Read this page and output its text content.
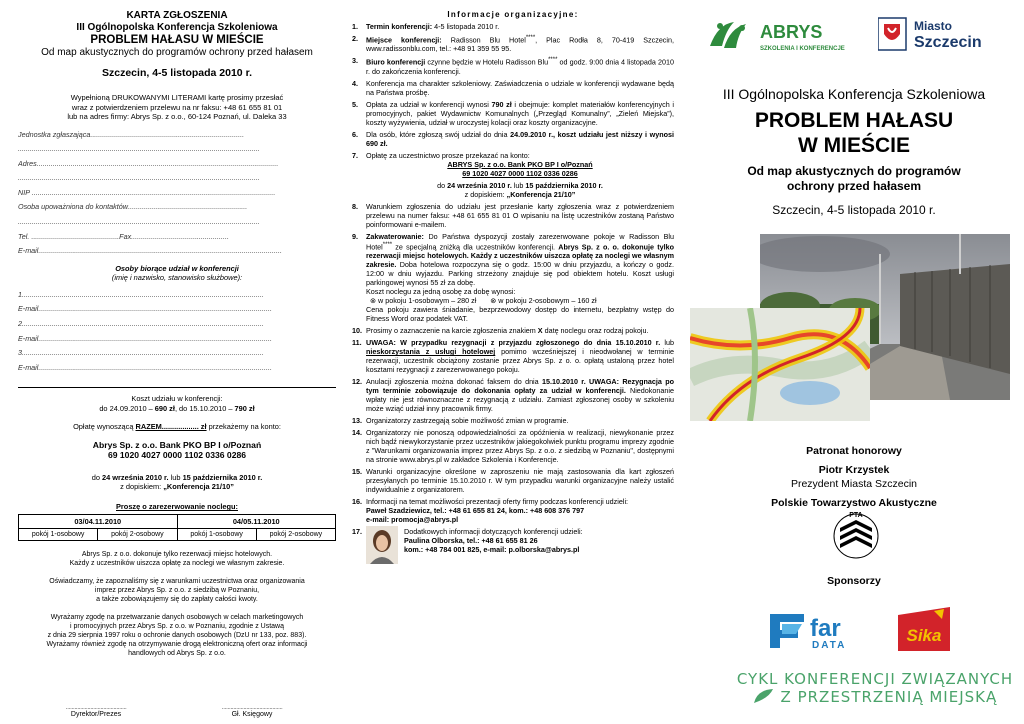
KARTA ZGŁOSZENIA
III Ogólnopolska Konferencja Szkoleniowa
PROBLEM HAŁASU W MIEŚCIE
Od map akustycznych do programów ochrony przed hałasem
Szczecin, 4-5 listopada 2010 r.
Wypełnioną DRUKOWANYMI LITERAMI kartę prosimy przesłać
wraz z potwierdzeniem przelewu na nr faksu: +48 61 655 81 01
lub na adres firmy: Abrys Sp. z o.o., 60-124 Poznań, ul. Daleka 33
Jednostka zgłaszająca.............................................................................
.........................................................................................................................
Adres.........................................................................................................................
.........................................................................................................................
NIP ..........................................................................................................................
Osoba upoważniona do kontaktów............................................................
.........................................................................................................................
Tel. ............................................Fax.................................................
E-mail..........................................................................................................................
Osoby biorące udział w konferencji
(imię i nazwisko, stanowisko służbowe):
1.........................................................................................................................
E-mail.....................................................................................................................
2.........................................................................................................................
E-mail.....................................................................................................................
3.........................................................................................................................
E-mail.....................................................................................................................
Koszt udziału w konferencji:
do 24.09.2010 – 690 zł, do 15.10.2010 – 790 zł
Opłatę wynoszącą RAZEM.................. zł przekażemy na konto:
Abrys Sp. z o.o. Bank PKO BP I o/Poznań
69 1020 4027 0000 1102 0336 0286
do 24 września 2010 r. lub 15 października 2010 r.
z dopiskiem: „Konferencja 21/10”
Proszę o zarezerwowanie noclegu:
03/04.11.2010		04/05.11.2010	
pokój 1-osobowy	pokój 2-osobowy	pokój 1-osobowy	pokój 2-osobowy
Abrys Sp. z o.o. dokonuje tylko rezerwacji miejsc hotelowych.
Każdy z uczestników uiszcza opłatę za noclegi we własnym zakresie.
Oświadczamy, że zapoznaliśmy się z warunkami uczestnictwa oraz organizowania
imprez przez Abrys Sp. z o.o. z siedzibą w Poznaniu,
a także zobowiązujemy się do zapłaty całości kwoty.
Wyrażamy zgodę na przetwarzanie danych osobowych w celach marketingowych
i promocyjnych przez Abrys Sp. z o.o. w Poznaniu, zgodnie z Ustawą
z dnia 29 sierpnia 1997 roku o ochronie danych osobowych (DzU nr 133, poz. 883).
Wyrażamy również zgodę na otrzymywanie drogą elektroniczną ofert oraz informacji
handlowych od Abrys Sp. z o.o.
..........................................
Dyrektor/Prezes
..........................................
Gł. Księgowy
Informacje organizacyjne:
1.	Termin konferencji: 4-5 listopada 2010 r.
2.	Miejsce konferencji: Radisson Blu Hotel****, Plac Rodła 8, 70-419 Szczecin, www.radissonblu.com, tel.: +48 91 359 55 95.
3.	Biuro konferencji czynne będzie w Hotelu Radisson Blu**** od godz. 9:00 dnia 4 listopada 2010 r. do zakończenia konferencji.
4.	Konferencja ma charakter szkoleniowy. Zaświadczenia o udziale w konferencji wydawane będą na Państwa prośbę.
5.	Opłata za udział w konferencji wynosi 790 zł i obejmuje: komplet materiałów konferencyjnych i promocyjnych, pakiet Wydawnictw Komunalnych („Przegląd Komunalny”, „Zieleń Miejska”), koszty wyżywienia, udział w uroczystej kolacji oraz koszty organizacyjne.
6.	Dla osób, które zgłoszą swój udział do dnia 24.09.2010 r., koszt udziału jest niższy i wynosi 690 zł.
7.	Opłatę za uczestnictwo prosze przekazać na konto:
ABRYS Sp. z o.o. Bank PKO BP I o/Poznań
69 1020 4027 0000 1102 0336 0286
do 24 września 2010 r. lub 15 października 2010 r.
z dopiskiem: „Konferencja 21/10”
8.	Warunkiem zgłoszenia do udziału jest przesłanie karty zgłoszenia wraz z potwierdzeniem przelewu na numer faksu: +48 61 655 81 01 O wpisaniu na listę uczestników zostaną Państwo poinformowani e-mailem.
9.	Zakwaterowanie: Do Państwa dyspozycji zostały zarezerwowane pokoje w Radisson Blu Hotel**** ze specjalną zniżką dla uczestników konferencji. Abrys Sp. z o. o. dokonuje tylko rezerwacji miejsc hotelowych. Każdy z uczestników uiszcza opłatę za noclegi we własnym zakresie. Doba hotelowa rozpoczyna się o godz. 15:00 w dniu przyjazdu, a kończy o godz. 12:00 w dniu wyjazdu. Parking strzeżony znajduje się pod obiektem hotelu. Koszt usługi parkingowej wynosi 55 zł za dobę.
Koszt noclegu za jedną osobę za dobę wynosi:
⊗ w pokoju 1-osobowym – 280 zł       ⊗ w pokoju 2-osobowym – 160 zł
Cena pokoju zawiera śniadanie, bezprzewodowy dostęp do internetu, bezpłatny wstęp do Fitness Word oraz podatek VAT.
10. Prosimy o zaznaczenie na karcie zgłoszenia znakiem X datę noclegu oraz rodzaj pokoju.
11. UWAGA: W przypadku rezygnacji z przyjazdu zgłoszonego do dnia 15.10.2010 r. lub nieskorzystania z usługi hotelowej pomimo wcześniejszej i nieodwołanej w terminie rezerwacji, uczestnik obciążony zostanie przez Abrys Sp. z o. o. opłatą ustaloną przez hotel kosztami rezygnacji z zarezerwowanego pokoju.
12. Anulacji zgłoszenia można dokonać faksem do dnia 15.10.2010 r. UWAGA: Rezygnacja po tym terminie zobowiązuje do dokonania opłaty za udział w konferencji. Niedokonanie wpłaty nie jest równoznaczne z rezygnacją z udziału. Zamiast zgłoszonej osoby w szkoleniu może wziąć udział inny pracownik firmy.
13. Organizatorzy zastrzegają sobie możliwość zmian w programie.
14. Organizatorzy nie ponoszą odpowiedzialności za opóźnienia w realizacji, niewykonanie przez nich bądź niewykorzystanie przez uczestników jakiegokolwiek punktu programu imprezy zgodnie z "Warunkami organizowania imprez przez Abrys Sp. z o.o. z siedzibą w Poznaniu", dostępnymi na stronie www.abrys.pl w zakładce Szkolenia i Konferencje.
15. Warunki organizacyjne określone w zaproszeniu nie mają zastosowania dla kart zgłoszeń przesyłanych po terminie 15.10.2010 r. W tym przypadku warunki organizacyjne należy ustalić indywidualnie z organizatorem.
16. Informacji na temat możliwości prezentacji oferty firmy podczas konferencji udzieli:
Paweł Szadziewicz, tel.: +48 61 655 81 24, kom.: +48 608 376 797
e-mail: promocja@abrys.pl
17.	Dodatkowych informacji dotyczących konferencji udzieli:
Paulina Olborska, tel.: +48 61 655 81 26
kom.: +48 784 001 825, e-mail: p.olborska@abrys.pl
ABRYS
SZKOLENIA I KONFERENCJE
Miasto
Szczecin
III Ogólnopolska Konferencja Szkoleniowa
PROBLEM HAŁASU
W MIEŚCIE
Od map akustycznych do programów
ochrony przed hałasem
Szczecin, 4-5 listopada 2010 r.
Patronat honorowy
Piotr Krzystek
Prezydent Miasta Szczecin
Polskie Towarzystwo Akustyczne
PTA
Sponsorzy
far
DATA
Sika
CYKL KONFERENCJI ZWIĄZANYCH
Z PRZESTRZENIĄ MIEJSKĄ
